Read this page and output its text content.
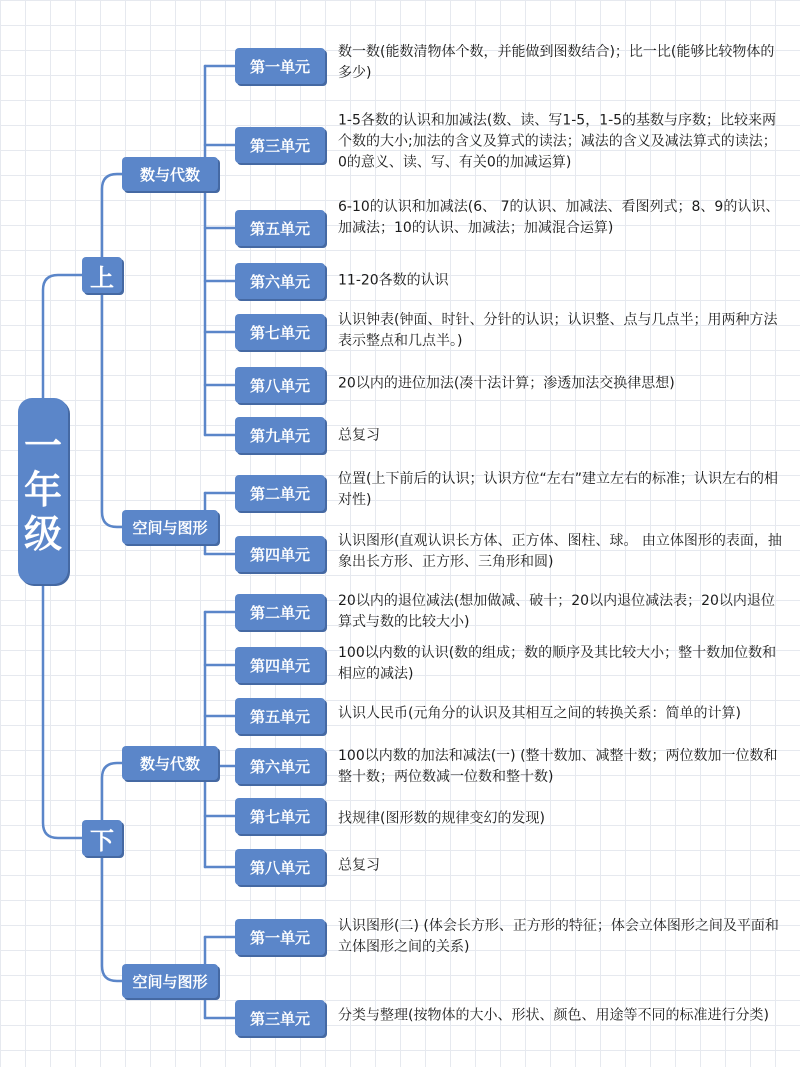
一
年
级
上
数与代数
空间与图形
第一单元
数一数(能数清物体个数，并能做到图数结合)；比一比(能够比较物体的多少)
第三单元
1-5各数的认识和加减法(数、读、写1-5，1-5的基数与序数；比较来两个数的大小;加法的含义及算式的读法；减法的含义及减法算式的读法；0的意义、读、写、有关0的加减运算)
第五单元
6-10的认识和加减法(6、 7的认识、加减法、看图列式；8、9的认识、加减法；10的认识、加减法；加减混合运算)
第六单元	11-20各数的认识
第七单元
认识钟表(钟面、时针、分针的认识；认识整、点与几点半；用两种方法表示整点和几点半。)
第八单元	20以内的进位加法(凑十法计算；渗透加法交换律思想)
第九单元	总复习
第二单元
位置(上下前后的认识；认识方位“左右”建立左右的标准；认识左右的相对性)
第四单元
认识图形(直观认识长方体、正方体、图柱、球。 由立体图形的表面，抽象出长方形、正方形、三角形和圆)
下
数与代数
空间与图形
第二单元
20以内的退位减法(想加做减、破十；20以内退位减法表；20以内退位算式与数的比较大小)
第四单元
100以内数的认识(数的组成；数的顺序及其比较大小；整十数加位数和相应的减法)
第五单元	认识人民币(元角分的认识及其相互之间的转换关系：简单的计算)
第六单元
100以内数的加法和减法(一) (整十数加、减整十数；两位数加一位数和整十数；两位数减一位数和整十数)
第七单元	找规律(图形数的规律变幻的发现)
第八单元	总复习
第一单元
认识图形(二) (体会长方形、正方形的特征；体会立体图形之间及平面和立体图形之间的关系)
第三单元	分类与整理(按物体的大小、形状、颜色、用途等不同的标准进行分类)
